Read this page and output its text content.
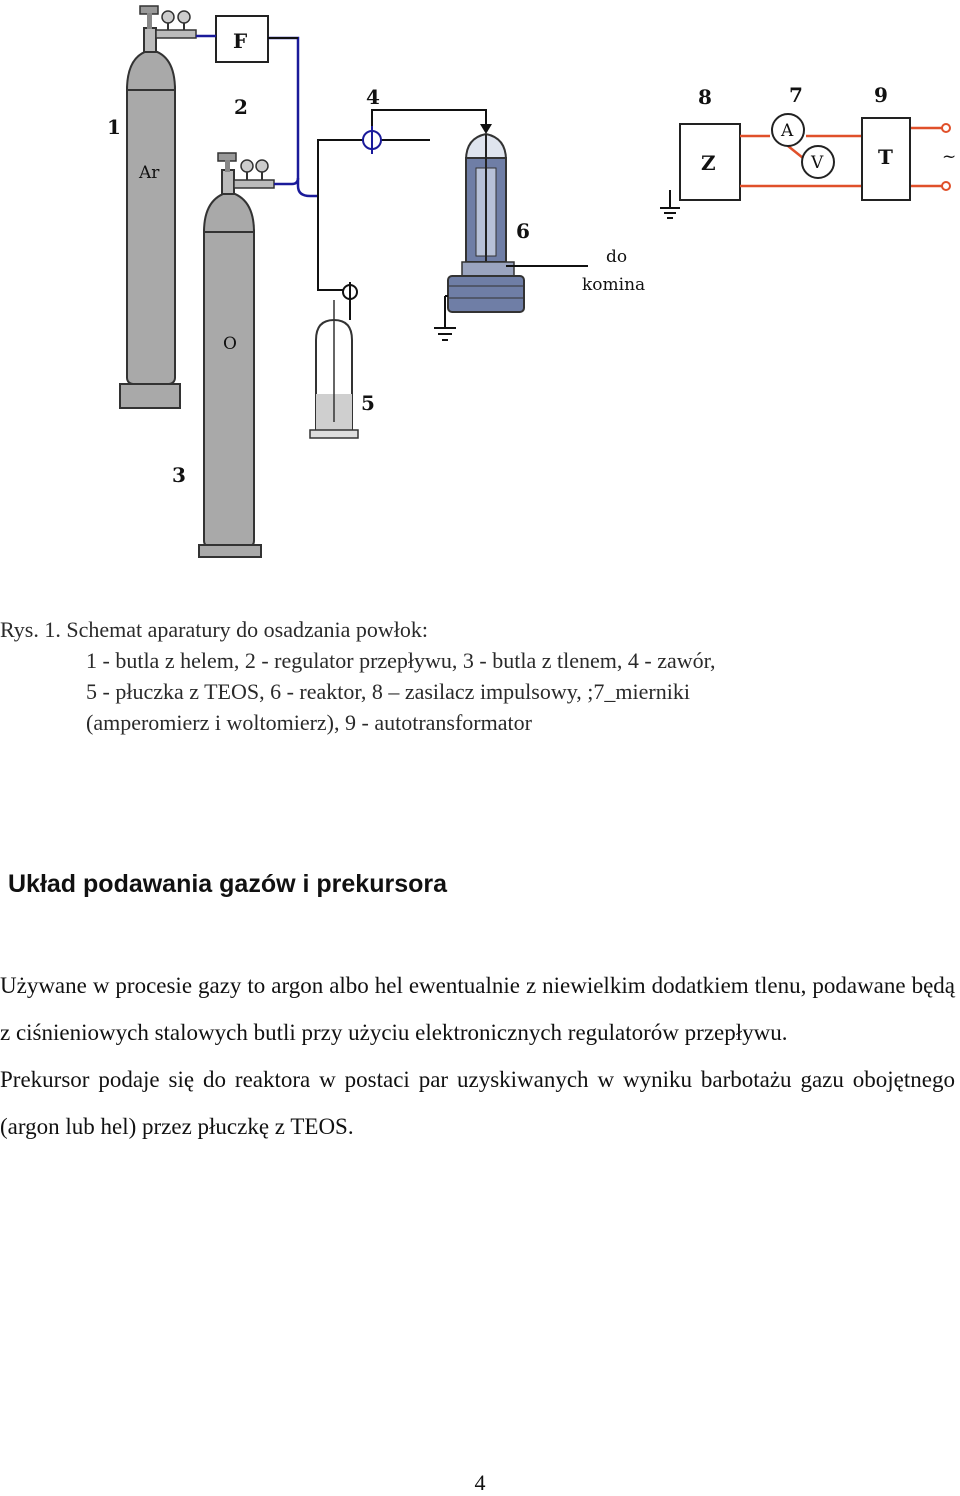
1
2
3
4
5
6
7
8	9
F
Ar
O
Z	T
A
V	~
do
komina
Rys. 1. Schemat aparatury do osadzania powłok:
1 - butla z helem, 2 - regulator przepływu, 3 - butla z tlenem, 4 - zawór,
5 - płuczka z TEOS, 6 - reaktor, 8 – zasilacz impulsowy, ;7_mierniki
(amperomierz i woltomierz), 9 - autotransformator
Układ podawania gazów i prekursora

Używane w procesie gazy to argon albo hel ewentualnie z niewielkim dodatkiem tlenu, podawane będą z ciśnieniowych stalowych butli przy użyciu elektronicznych regulatorów przepływu.

Prekursor podaje się do reaktora w postaci par uzyskiwanych w wyniku barbotażu gazu obojętnego (argon lub hel) przez płuczkę z TEOS.

4
